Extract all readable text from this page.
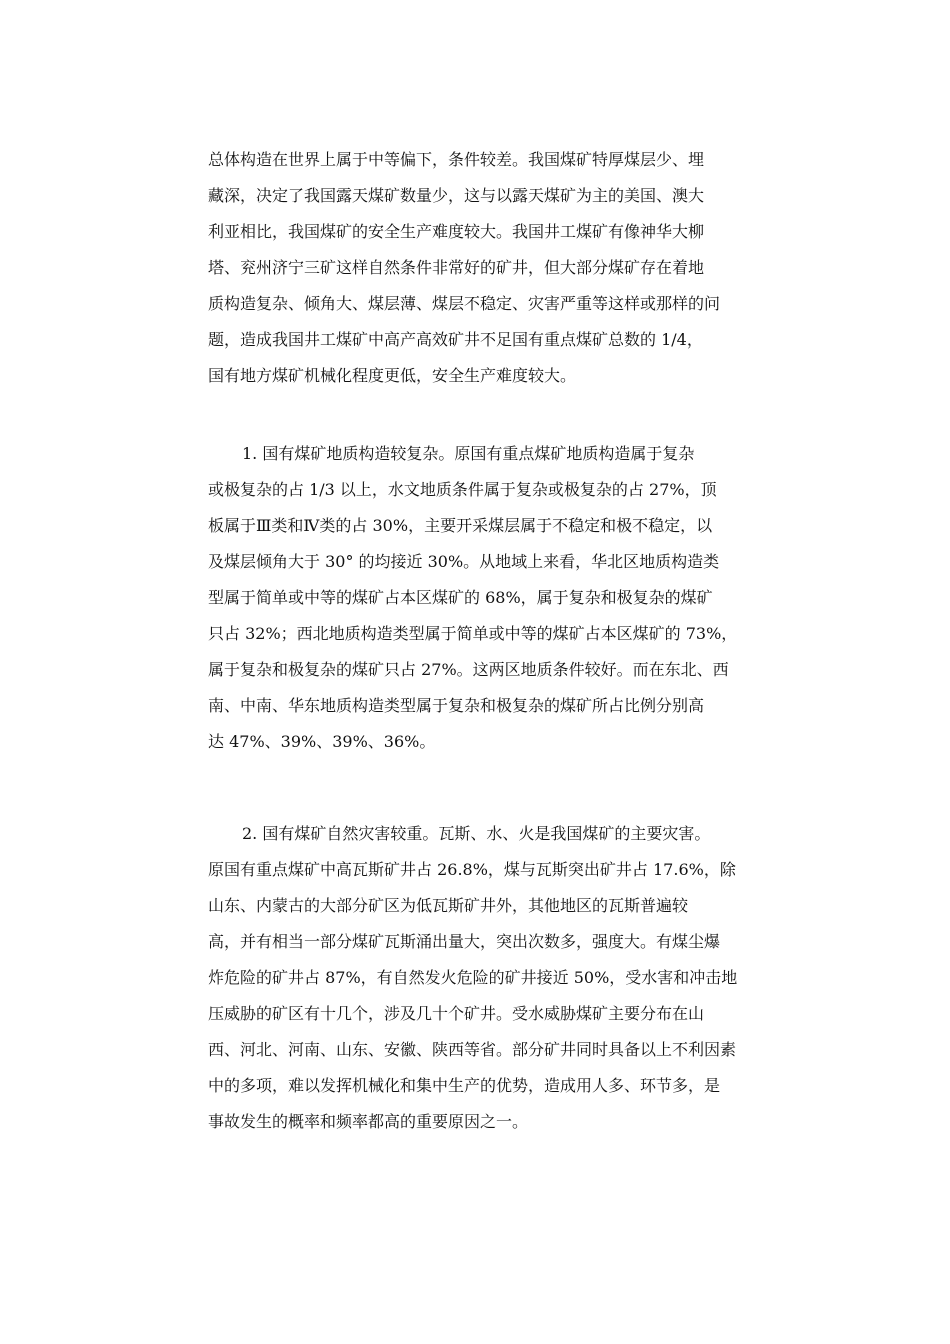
总体构造在世界上属于中等偏下，条件较差。我国煤矿特厚煤层少、埋
藏深，决定了我国露天煤矿数量少，这与以露天煤矿为主的美国、澳大
利亚相比，我国煤矿的安全生产难度较大。我国井工煤矿有像神华大柳
塔、兖州济宁三矿这样自然条件非常好的矿井，但大部分煤矿存在着地
质构造复杂、倾角大、煤层薄、煤层不稳定、灾害严重等这样或那样的问
题，造成我国井工煤矿中高产高效矿井不足国有重点煤矿总数的 1/4，
国有地方煤矿机械化程度更低，安全生产难度较大。
1. 国有煤矿地质构造较复杂。原国有重点煤矿地质构造属于复杂
或极复杂的占 1/3 以上，水文地质条件属于复杂或极复杂的占 27%，顶
板属于Ⅲ类和Ⅳ类的占 30%，主要开采煤层属于不稳定和极不稳定，以
及煤层倾角大于 30° 的均接近 30%。从地域上来看，华北区地质构造类
型属于简单或中等的煤矿占本区煤矿的 68%，属于复杂和极复杂的煤矿
只占 32%；西北地质构造类型属于简单或中等的煤矿占本区煤矿的 73%，
属于复杂和极复杂的煤矿只占 27%。这两区地质条件较好。而在东北、西
南、中南、华东地质构造类型属于复杂和极复杂的煤矿所占比例分别高
达 47%、39%、39%、36%。
2. 国有煤矿自然灾害较重。瓦斯、水、火是我国煤矿的主要灾害。
原国有重点煤矿中高瓦斯矿井占 26.8%，煤与瓦斯突出矿井占 17.6%，除
山东、内蒙古的大部分矿区为低瓦斯矿井外，其他地区的瓦斯普遍较
高，并有相当一部分煤矿瓦斯涌出量大，突出次数多，强度大。有煤尘爆
炸危险的矿井占 87%，有自然发火危险的矿井接近 50%，受水害和冲击地
压威胁的矿区有十几个，涉及几十个矿井。受水威胁煤矿主要分布在山
西、河北、河南、山东、安徽、陕西等省。部分矿井同时具备以上不利因素
中的多项，难以发挥机械化和集中生产的优势，造成用人多、环节多，是
事故发生的概率和频率都高的重要原因之一。
